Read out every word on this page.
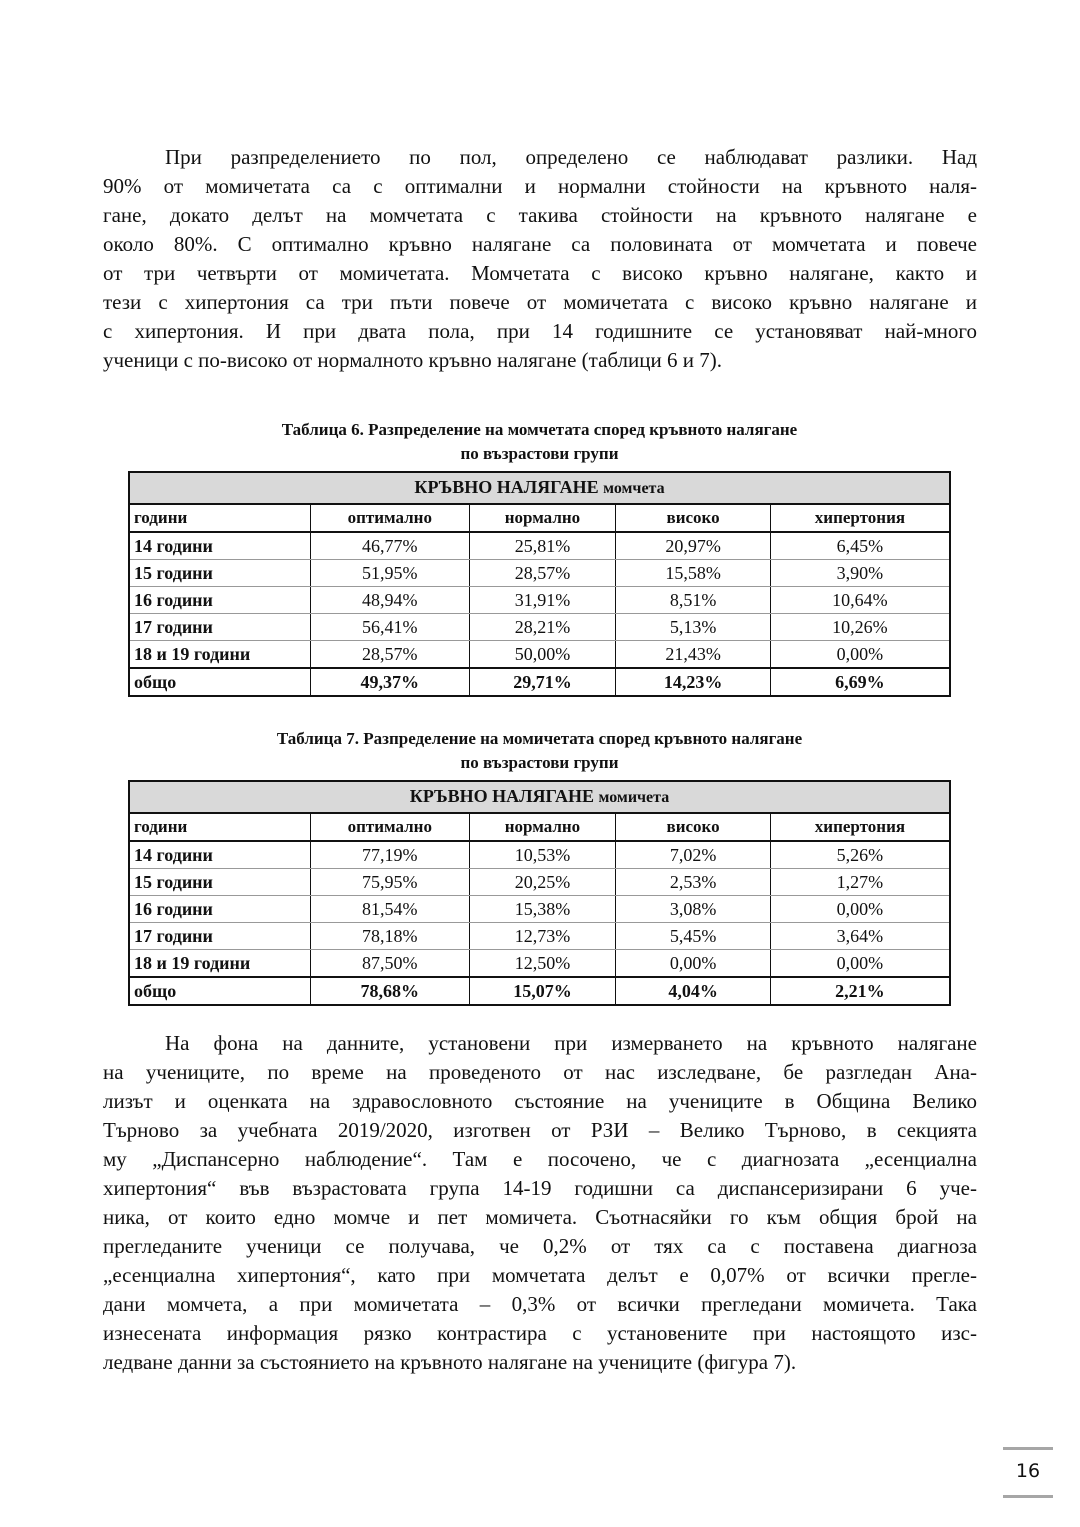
При разпределението по пол, определено се наблюдават разлики. Над
90% от момичетата са с оптимални и нормални стойности на кръвното наля-
гане, докато делът на момчетата с такива стойности на кръвното налягане е
около 80%. С оптимално кръвно налягане са половината от момчетата и повече
от три четвърти от момичетата. Момчетата с високо кръвно налягане, както и
тези с хипертония са три пъти повече от момичетата с високо кръвно налягане и
с хипертония. И при двата пола, при 14 годишните се установяват най-много
ученици с по-високо от нормалното кръвно налягане (таблици 6 и 7).
Таблица 6. Разпределение на момчетата според кръвното налягане
по възрастови групи
КРЪВНО НАЛЯГАНЕ момчета				
години	оптимално	нормално	високо	хипертония
14 години	46,77%	25,81%	20,97%	6,45%
15 години	51,95%	28,57%	15,58%	3,90%
16 години	48,94%	31,91%	8,51%	10,64%
17 години	56,41%	28,21%	5,13%	10,26%
18 и 19 години	28,57%	50,00%	21,43%	0,00%
общо	49,37%	29,71%	14,23%	6,69%
Таблица 7. Разпределение на момичетата според кръвното налягане
по възрастови групи
КРЪВНО НАЛЯГАНЕ момичета				
години	оптимално	нормално	високо	хипертония
14 години	77,19%	10,53%	7,02%	5,26%
15 години	75,95%	20,25%	2,53%	1,27%
16 години	81,54%	15,38%	3,08%	0,00%
17 години	78,18%	12,73%	5,45%	3,64%
18 и 19 години	87,50%	12,50%	0,00%	0,00%
общо	78,68%	15,07%	4,04%	2,21%
На фона на данните, установени при измерването на кръвното налягане
на учениците, по време на проведеното от нас изследване, бе разгледан Ана-
лизът и оценката на здравословното състояние на учениците в Община Велико
Търново за учебната 2019/2020, изготвен от РЗИ – Велико Търново, в секцията
му „Диспансерно наблюдение“. Там е посочено, че с диагнозата „есенциална
хипертония“ във възрастовата група 14-19 годишни са диспансеризирани 6 уче-
ника, от които едно момче и пет момичета. Съотнасяйки го към общия брой на
прегледаните ученици се получава, че 0,2% от тях са с поставена диагноза
„есенциална хипертония“, като при момчетата делът е 0,07% от всички прегле-
дани момчета, а при момичетата – 0,3% от всички прегледани момичета. Така
изнесената информация рязко контрастира с установените при настоящото изс-
ледване данни за състоянието на кръвното налягане на учениците (фигура 7).
16
